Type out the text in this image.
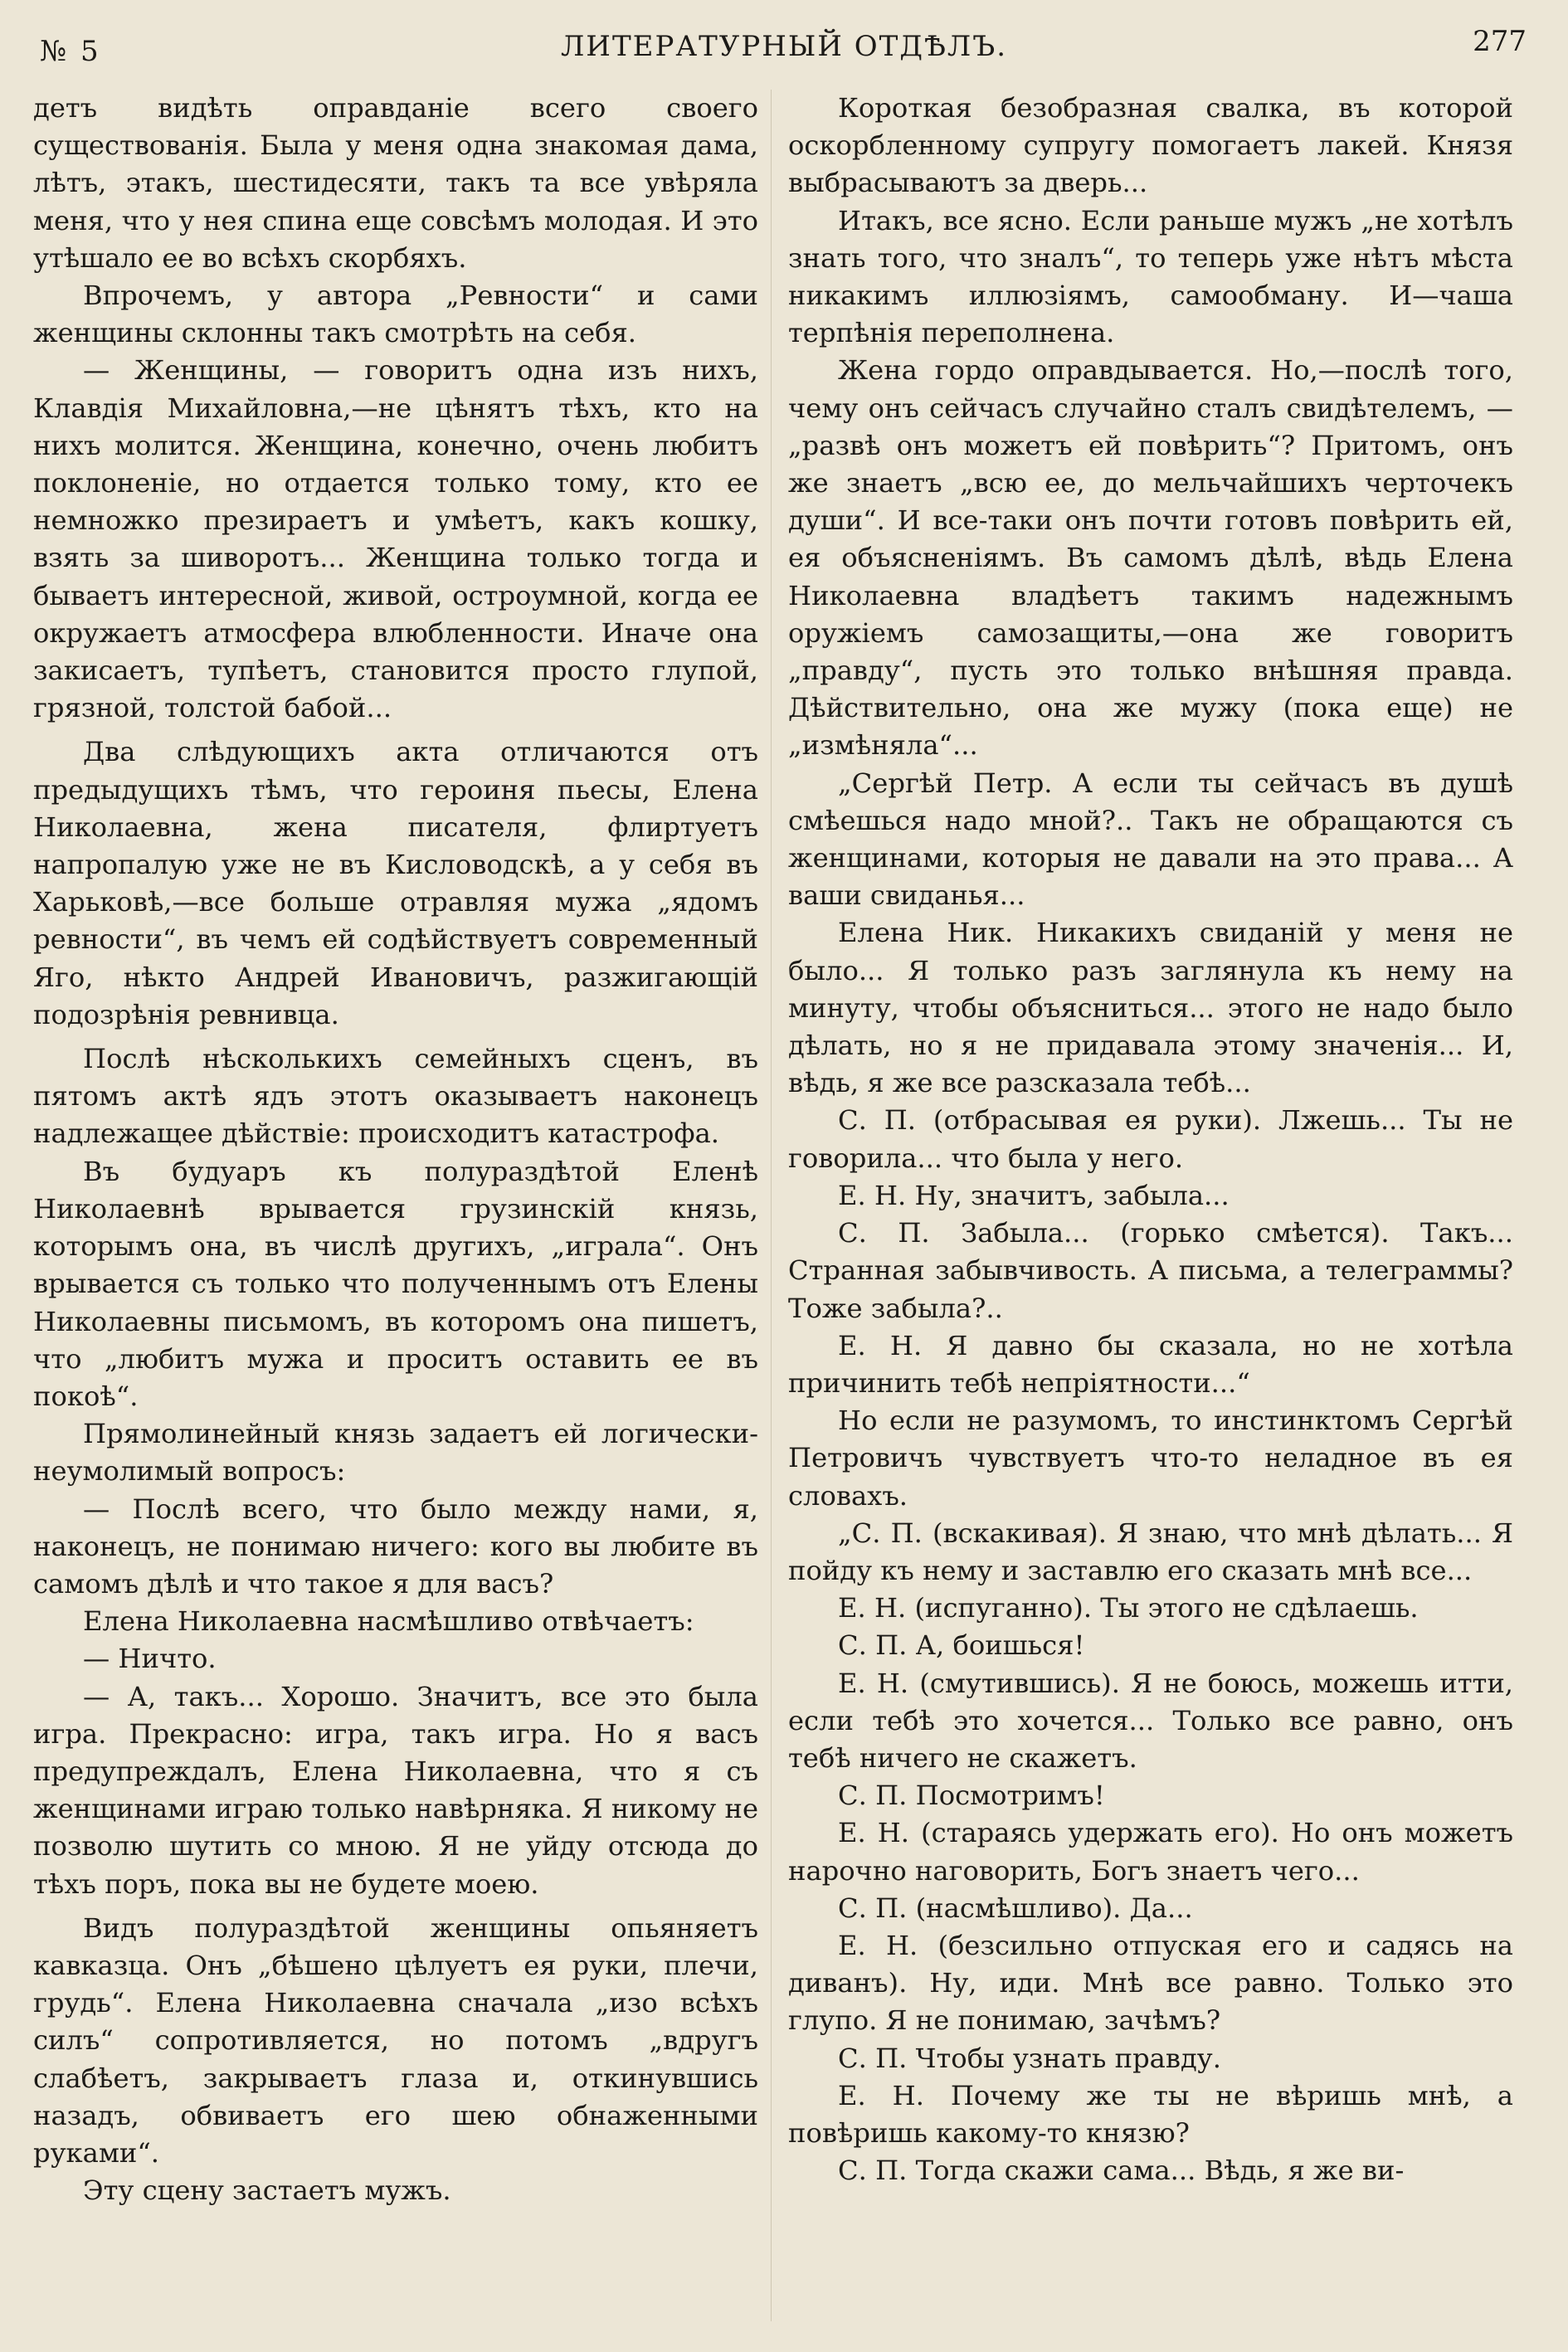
№ 5	ЛИТЕРАТУРНЫЙ ОТДѢЛЪ.	277

детъ видѣть оправданіе всего своего существованія. Была у меня одна знакомая дама, лѣтъ, этакъ, шестидесяти, такъ та все увѣряла меня, что у нея спина еще совсѣмъ молодая. И это утѣшало ее во всѣхъ скорбяхъ.

Впрочемъ, у автора „Ревности“ и сами женщины склонны такъ смотрѣть на себя.

— Женщины, — говоритъ одна изъ нихъ, Клавдія Михайловна,—не цѣнятъ тѣхъ, кто на нихъ молится. Женщина, конечно, очень любитъ поклоненіе, но отдается только тому, кто ее немножко презираетъ и умѣетъ, какъ кошку, взять за шиворотъ... Женщина только тогда и бываетъ интересной, живой, остроумной, когда ее окружаетъ атмосфера влюбленности. Иначе она закисаетъ, тупѣетъ, становится просто глупой, грязной, толстой бабой...

Два слѣдующихъ акта отличаются отъ предыдущихъ тѣмъ, что героиня пьесы, Елена Николаевна, жена писателя, флиртуетъ напропалую уже не въ Кисловодскѣ, а у себя въ Харьковѣ,—все больше отравляя мужа „ядомъ ревности“, въ чемъ ей содѣйствуетъ современный Яго, нѣкто Андрей Ивановичъ, разжигающій подозрѣнія ревнивца.

Послѣ нѣсколькихъ семейныхъ сценъ, въ пятомъ актѣ ядъ этотъ оказываетъ наконецъ надлежащее дѣйствіе: происходитъ катастрофа.

Въ будуаръ къ полураздѣтой Еленѣ Николаевнѣ врывается грузинскій князь, которымъ она, въ числѣ другихъ, „играла“. Онъ врывается съ только что полученнымъ отъ Елены Николаевны письмомъ, въ которомъ она пишетъ, что „любитъ мужа и проситъ оставить ее въ покоѣ“.

Прямолинейный князь задаетъ ей логически-неумолимый вопросъ:

— Послѣ всего, что было между нами, я, наконецъ, не понимаю ничего: кого вы любите въ самомъ дѣлѣ и что такое я для васъ?

Елена Николаевна насмѣшливо отвѣчаетъ:

— Ничто.

— А, такъ... Хорошо. Значитъ, все это была игра. Прекрасно: игра, такъ игра. Но я васъ предупреждалъ, Елена Николаевна, что я съ женщинами играю только навѣрняка. Я никому не позволю шутить со мною. Я не уйду отсюда до тѣхъ поръ, пока вы не будете моею.

Видъ полураздѣтой женщины опьяняетъ кавказца. Онъ „бѣшено цѣлуетъ ея руки, плечи, грудь“. Елена Николаевна сначала „изо всѣхъ силъ“ сопротивляется, но потомъ „вдругъ слабѣетъ, закрываетъ глаза и, откинувшись назадъ, обвиваетъ его шею обнаженными руками“.

Эту сцену застаетъ мужъ.

Короткая безобразная свалка, въ которой оскорбленному супругу помогаетъ лакей. Князя выбрасываютъ за дверь...

Итакъ, все ясно. Если раньше мужъ „не хотѣлъ знать того, что зналъ“, то теперь уже нѣтъ мѣста никакимъ иллюзіямъ, самообману. И—чаша терпѣнія переполнена.

Жена гордо оправдывается. Но,—послѣ того, чему онъ сейчасъ случайно сталъ свидѣтелемъ, — „развѣ онъ можетъ ей повѣрить“? Притомъ, онъ же знаетъ „всю ее, до мельчайшихъ черточекъ души“. И все-таки онъ почти готовъ повѣрить ей, ея объясненіямъ. Въ самомъ дѣлѣ, вѣдь Елена Николаевна владѣетъ такимъ надежнымъ оружіемъ самозащиты,—она же говоритъ „правду“, пусть это только внѣшняя правда. Дѣйствительно, она же мужу (пока еще) не „измѣняла“...

„Сергѣй Петр. А если ты сейчасъ въ душѣ смѣешься надо мной?.. Такъ не обращаются съ женщинами, которыя не давали на это права... А ваши свиданья...

Елена Ник. Никакихъ свиданій у меня не было... Я только разъ заглянула къ нему на минуту, чтобы объясниться... этого не надо было дѣлать, но я не придавала этому значенія... И, вѣдь, я же все разсказала тебѣ...

С. П. (отбрасывая ея руки). Лжешь... Ты не говорила... что была у него.

Е. Н. Ну, значитъ, забыла...

С. П. Забыла... (горько смѣется). Такъ... Странная забывчивость. А письма, а телеграммы? Тоже забыла?..

Е. Н. Я давно бы сказала, но не хотѣла причинить тебѣ непріятности...“

Но если не разумомъ, то инстинктомъ Сергѣй Петровичъ чувствуетъ что-то неладное въ ея словахъ.

„С. П. (вскакивая). Я знаю, что мнѣ дѣлать... Я пойду къ нему и заставлю его сказать мнѣ все...

Е. Н. (испуганно). Ты этого не сдѣлаешь.

С. П. А, боишься!

Е. Н. (смутившись). Я не боюсь, можешь итти, если тебѣ это хочется... Только все равно, онъ тебѣ ничего не скажетъ.

С. П. Посмотримъ!

Е. Н. (стараясь удержать его). Но онъ можетъ нарочно наговорить, Богъ знаетъ чего...

С. П. (насмѣшливо). Да...

Е. Н. (безсильно отпуская его и садясь на диванъ). Ну, иди. Мнѣ все равно. Только это глупо. Я не понимаю, зачѣмъ?

С. П. Чтобы узнать правду.

Е. Н. Почему же ты не вѣришь мнѣ, а повѣришь какому-то князю?

С. П. Тогда скажи сама... Вѣдь, я же ви-
